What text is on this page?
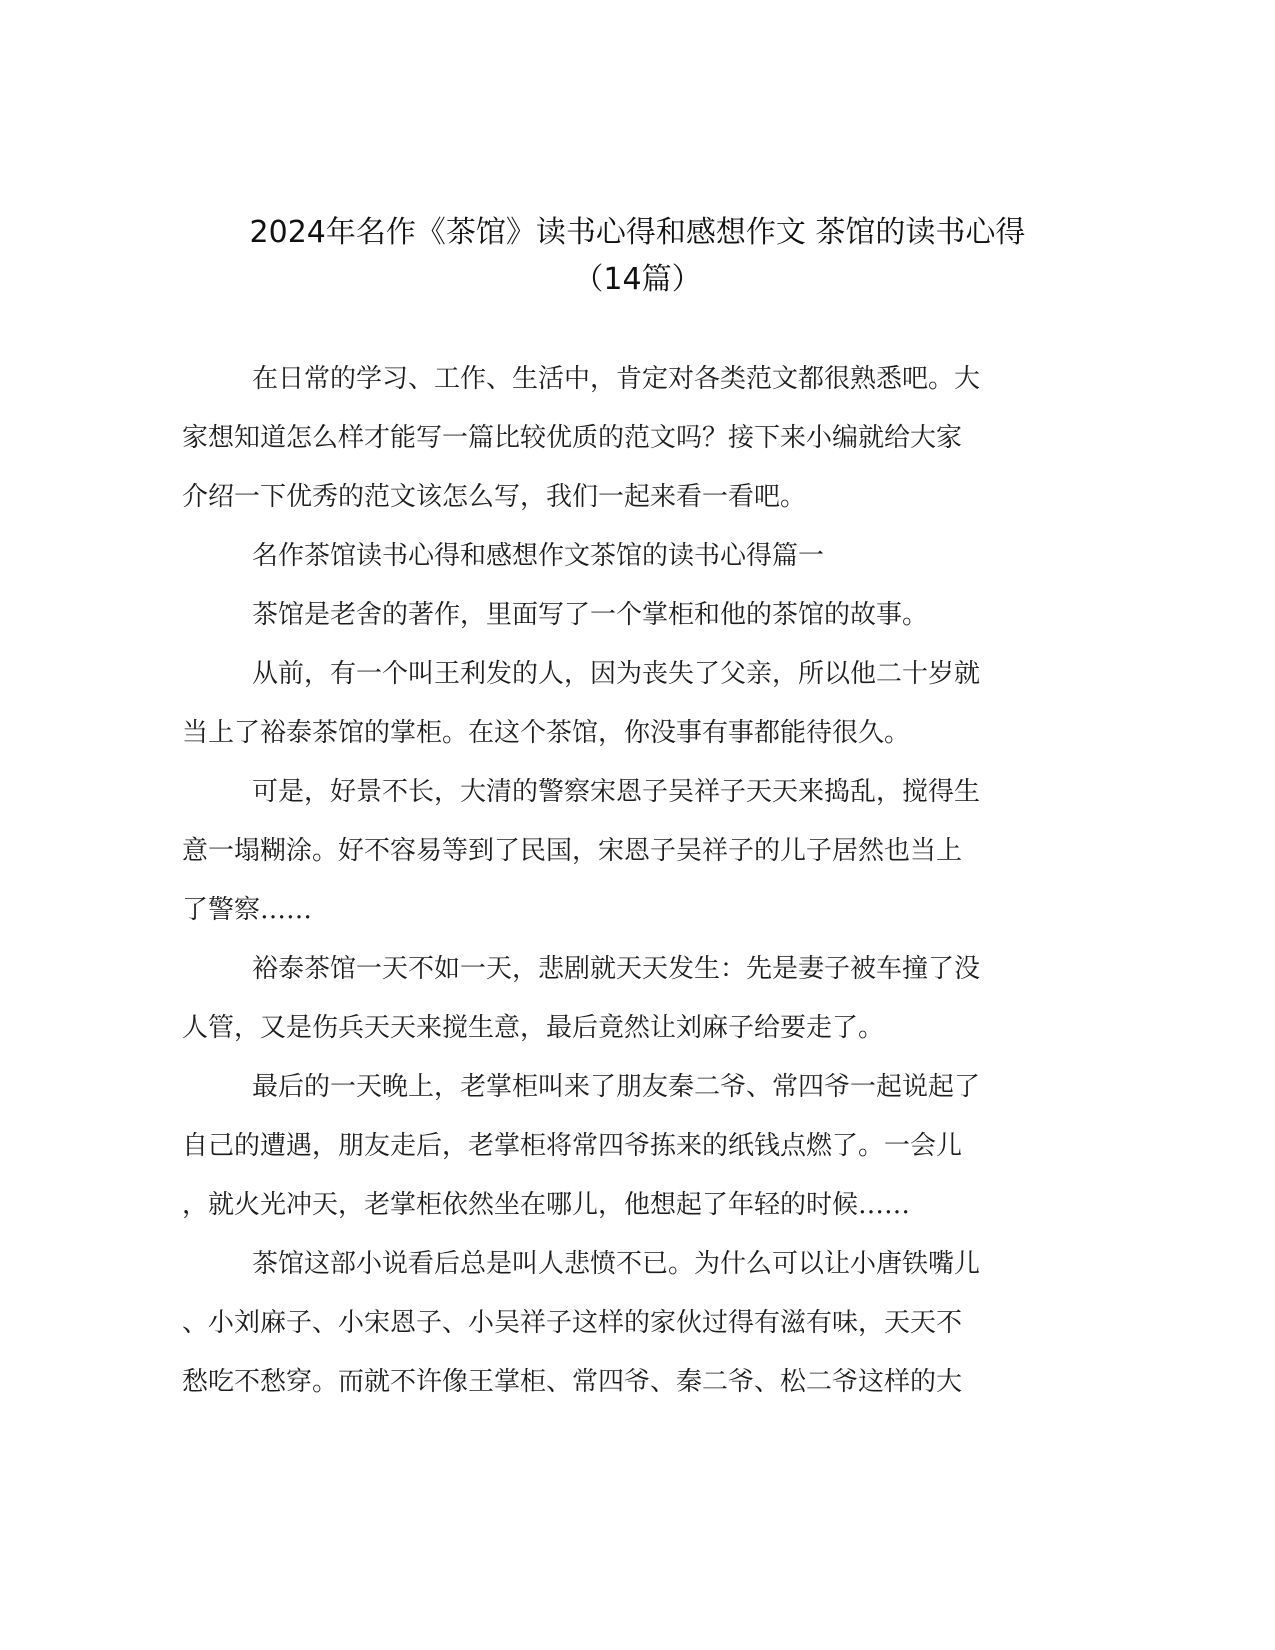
2024年名作《茶馆》读书心得和感想作文 茶馆的读书心得
（14篇）
在日常的学习、工作、生活中，肯定对各类范文都很熟悉吧。大
家想知道怎么样才能写一篇比较优质的范文吗？接下来小编就给大家
介绍一下优秀的范文该怎么写，我们一起来看一看吧。
名作茶馆读书心得和感想作文茶馆的读书心得篇一
茶馆是老舍的著作，里面写了一个掌柜和他的茶馆的故事。
从前，有一个叫王利发的人，因为丧失了父亲，所以他二十岁就
当上了裕泰茶馆的掌柜。在这个茶馆，你没事有事都能待很久。
可是，好景不长，大清的警察宋恩子吴祥子天天来捣乱，搅得生
意一塌糊涂。好不容易等到了民国，宋恩子吴祥子的儿子居然也当上
了警察……
裕泰茶馆一天不如一天，悲剧就天天发生：先是妻子被车撞了没
人管，又是伤兵天天来搅生意，最后竟然让刘麻子给要走了。
最后的一天晚上，老掌柜叫来了朋友秦二爷、常四爷一起说起了
自己的遭遇，朋友走后，老掌柜将常四爷拣来的纸钱点燃了。一会儿
，就火光冲天，老掌柜依然坐在哪儿，他想起了年轻的时候……
茶馆这部小说看后总是叫人悲愤不已。为什么可以让小唐铁嘴儿
、小刘麻子、小宋恩子、小吴祥子这样的家伙过得有滋有味，天天不
愁吃不愁穿。而就不许像王掌柜、常四爷、秦二爷、松二爷这样的大
